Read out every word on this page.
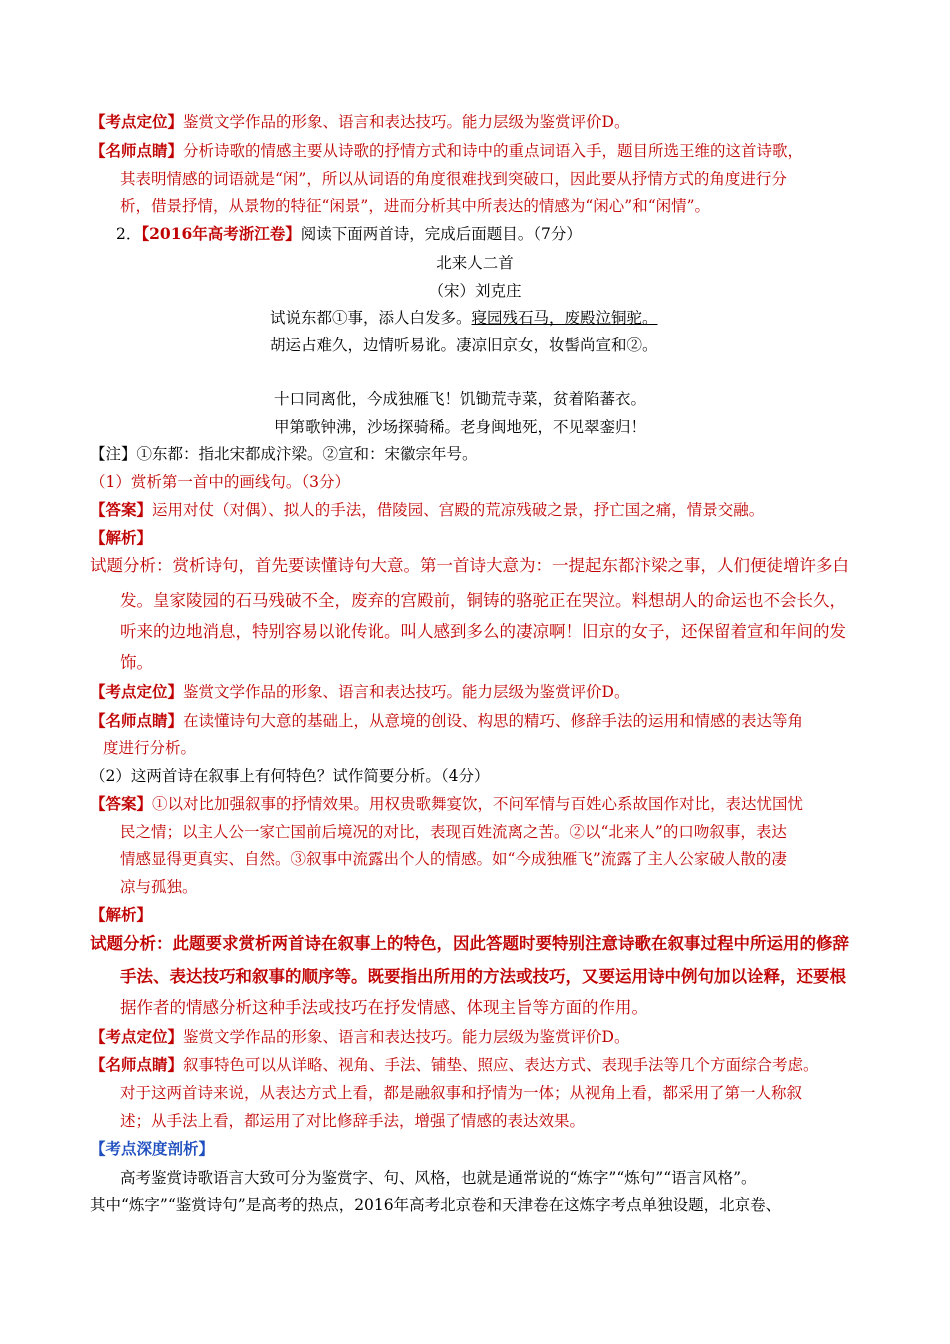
【考点定位】鉴赏文学作品的形象、语言和表达技巧。能力层级为鉴赏评价D。
【名师点睛】分析诗歌的情感主要从诗歌的抒情方式和诗中的重点词语入手，题目所选王维的这首诗歌，
其表明情感的词语就是“闲”，所以从词语的角度很难找到突破口，因此要从抒情方式的角度进行分
析，借景抒情，从景物的特征“闲景”，进而分析其中所表达的情感为“闲心”和“闲情”。
2．【2016年高考浙江卷】阅读下面两首诗，完成后面题目。（7分）
北来人二首
（宋）刘克庄
试说东都①事，添人白发多。寝园残石马，废殿泣铜驼。
胡运占难久，边情听易讹。凄凉旧京女，妆髻尚宣和②。
十口同离仳，今成独雁飞！饥锄荒寺菜，贫着陷蕃衣。
甲第歌钟沸，沙场探骑稀。老身闽地死，不见翠銮归！
【注】①东都：指北宋都成汴梁。②宣和：宋徽宗年号。
（1）赏析第一首中的画线句。（3分）
【答案】运用对仗（对偶）、拟人的手法，借陵园、宫殿的荒凉残破之景，抒亡国之痛，情景交融。
【解析】
试题分析：赏析诗句，首先要读懂诗句大意。第一首诗大意为：一提起东都汴梁之事，人们便徒增许多白
发。皇家陵园的石马残破不全，废弃的宫殿前，铜铸的骆驼正在哭泣。料想胡人的命运也不会长久，
听来的边地消息，特别容易以讹传讹。叫人感到多么的凄凉啊！旧京的女子，还保留着宣和年间的发
饰。
【考点定位】鉴赏文学作品的形象、语言和表达技巧。能力层级为鉴赏评价D。
【名师点睛】在读懂诗句大意的基础上，从意境的创设、构思的精巧、修辞手法的运用和情感的表达等角
度进行分析。
（2）这两首诗在叙事上有何特色？试作简要分析。（4分）
【答案】①以对比加强叙事的抒情效果。用权贵歌舞宴饮，不问军情与百姓心系故国作对比，表达忧国忧
民之情；以主人公一家亡国前后境况的对比，表现百姓流离之苦。②以“北来人”的口吻叙事，表达
情感显得更真实、自然。③叙事中流露出个人的情感。如“今成独雁飞”流露了主人公家破人散的凄
凉与孤独。
【解析】
试题分析：此题要求赏析两首诗在叙事上的特色，因此答题时要特别注意诗歌在叙事过程中所运用的修辞
手法、表达技巧和叙事的顺序等。既要指出所用的方法或技巧，又要运用诗中例句加以诠释，还要根
据作者的情感分析这种手法或技巧在抒发情感、体现主旨等方面的作用。
【考点定位】鉴赏文学作品的形象、语言和表达技巧。能力层级为鉴赏评价D。
【名师点睛】叙事特色可以从详略、视角、手法、铺垫、照应、表达方式、表现手法等几个方面综合考虑。
对于这两首诗来说，从表达方式上看，都是融叙事和抒情为一体；从视角上看，都采用了第一人称叙
述；从手法上看，都运用了对比修辞手法，增强了情感的表达效果。
【考点深度剖析】
高考鉴赏诗歌语言大致可分为鉴赏字、句、风格，也就是通常说的“炼字”“炼句”“语言风格”。
其中“炼字”“鉴赏诗句”是高考的热点，2016年高考北京卷和天津卷在这炼字考点单独设题，北京卷、
